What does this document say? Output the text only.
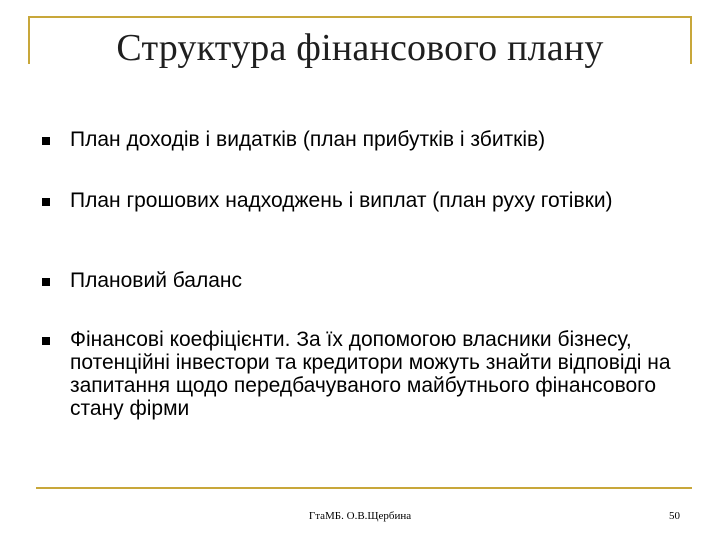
Структура фінансового плану
План доходів і видатків (план прибутків і збитків)
План грошових надходжень і виплат (план руху готівки)
Плановий баланс
Фінансові коефіцієнти. За їх допомогою власники бізнесу, потенційні інвестори та кредитори можуть знайти відповіді на запитання щодо передбачуваного майбутнього фінансового стану фірми
ГтаМБ. О.В.Щербина	50
